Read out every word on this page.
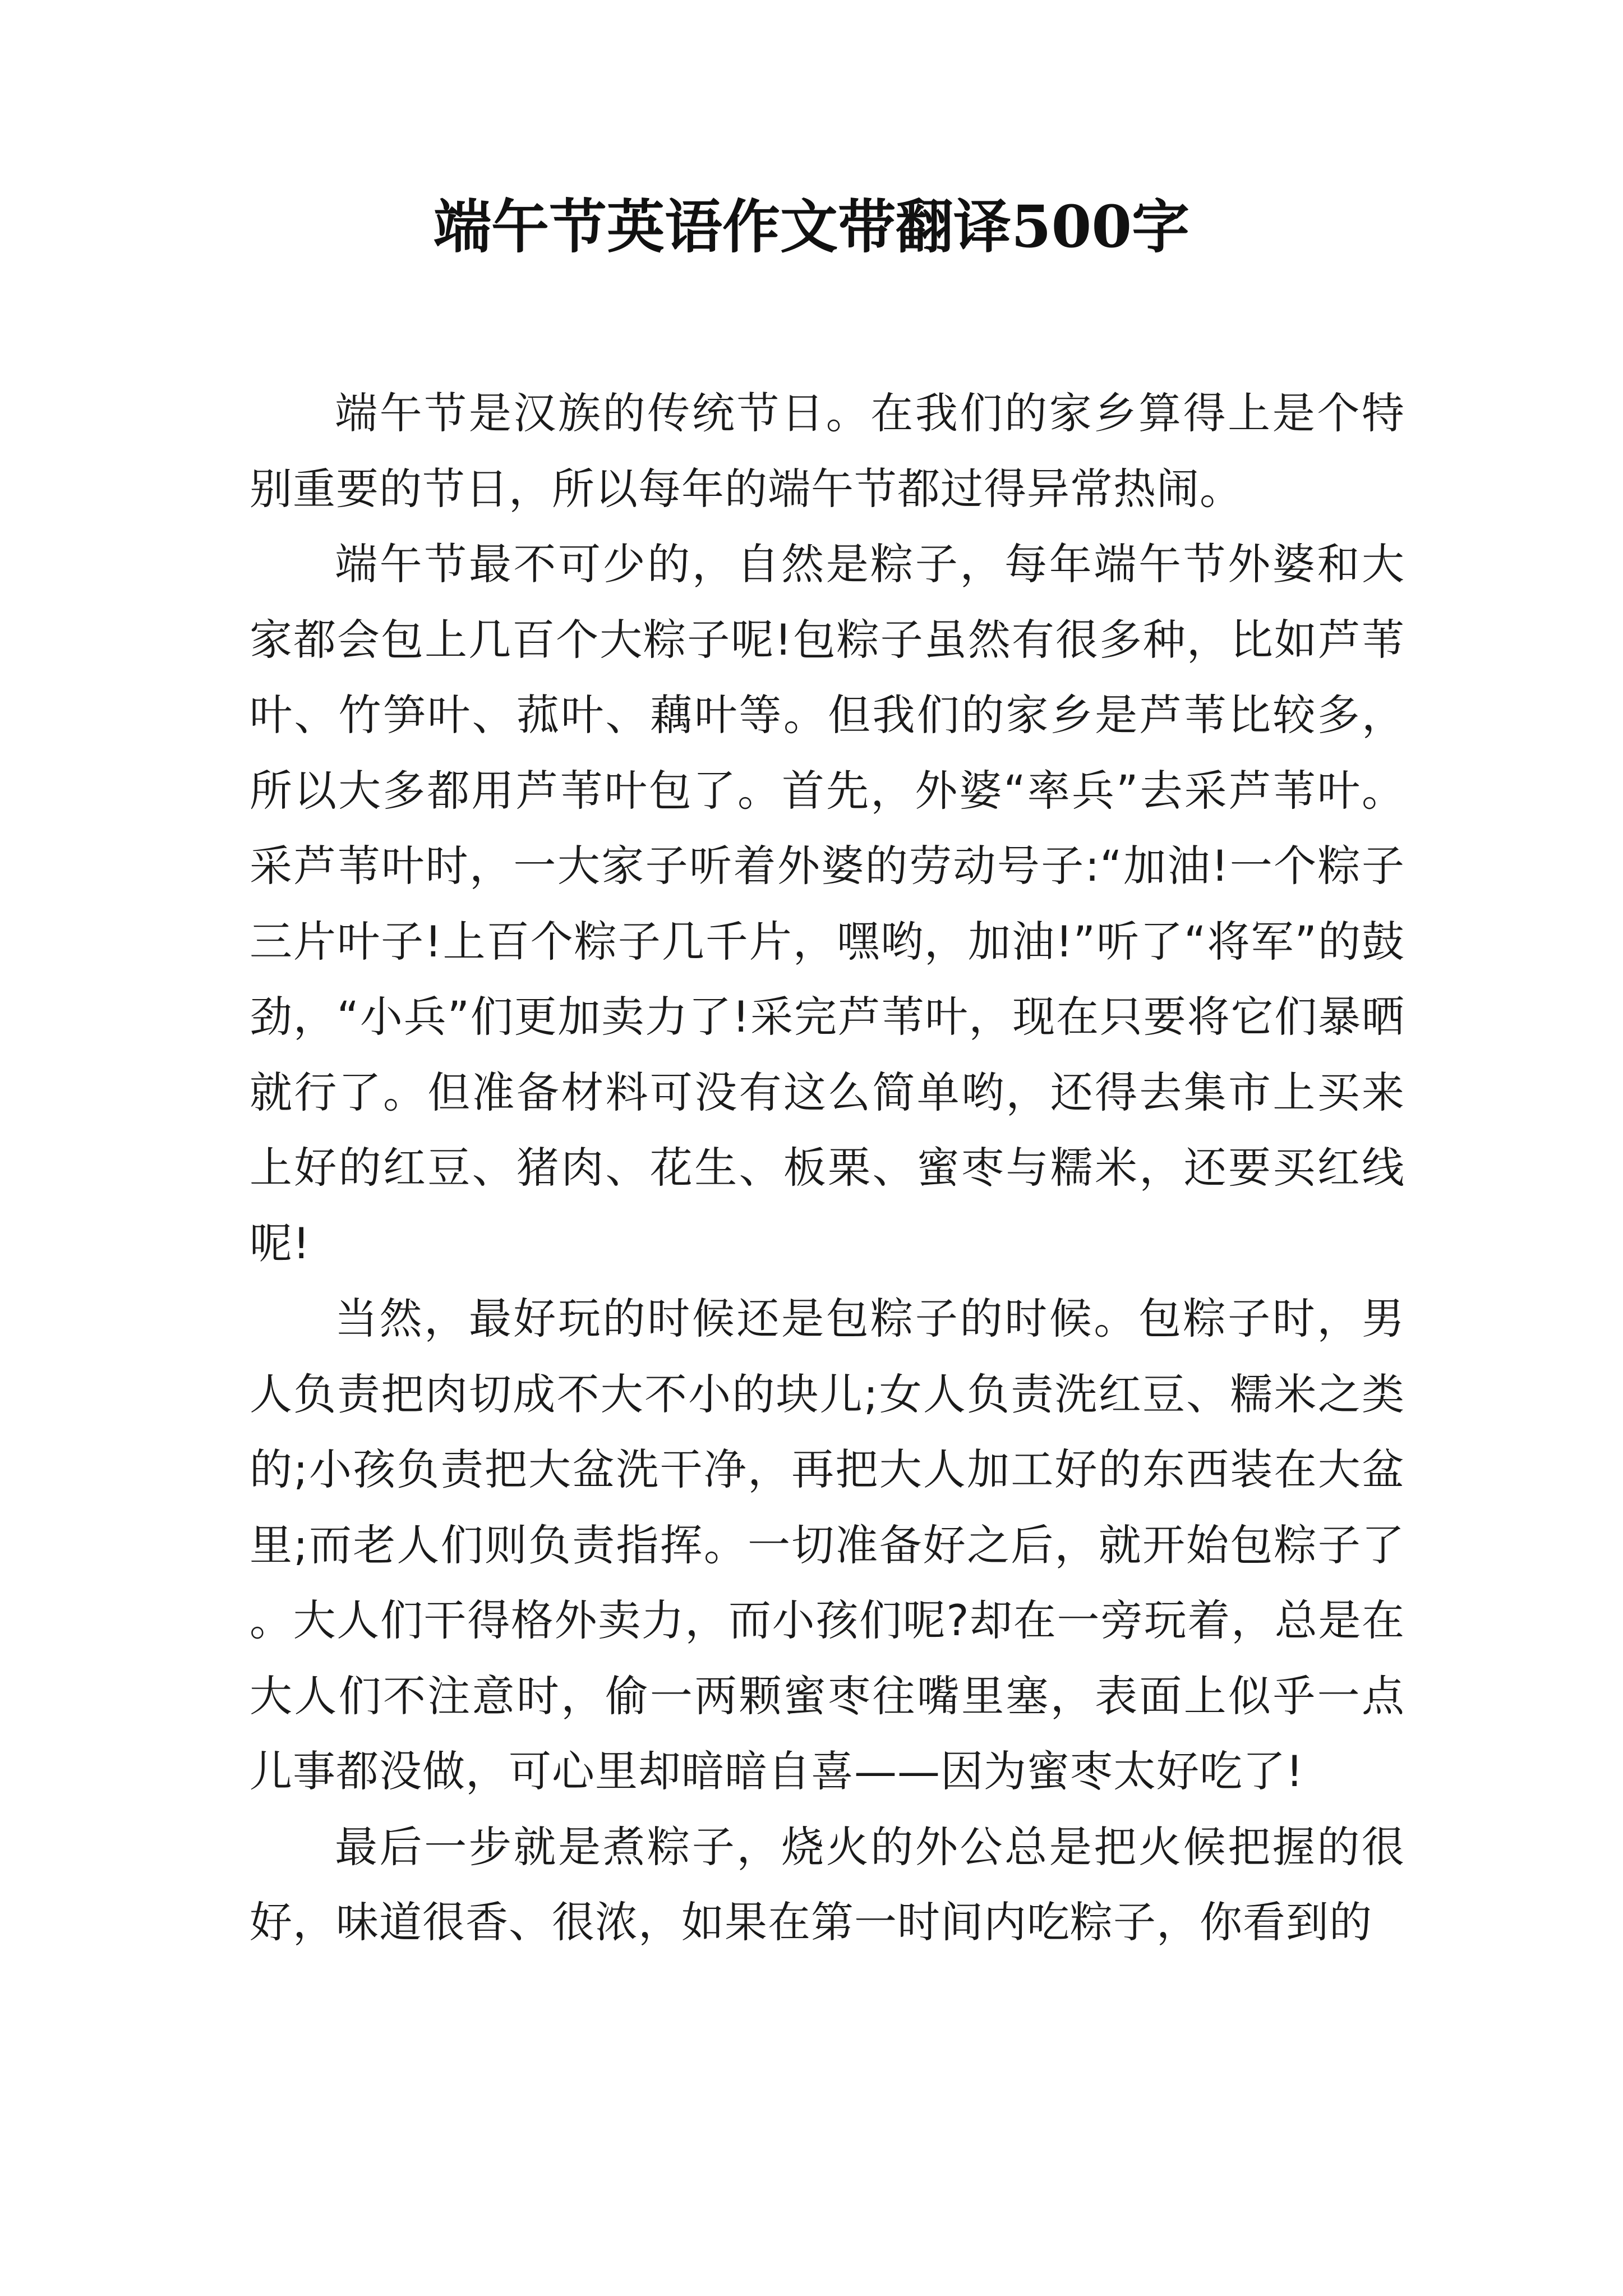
端午节英语作文带翻译500字

端午节是汉族的传统节日。在我们的家乡算得上是个特别重要的节日，所以每年的端午节都过得异常热闹。

端午节最不可少的，自然是粽子，每年端午节外婆和大家都会包上几百个大粽子呢!包粽子虽然有很多种，比如芦苇叶、竹笋叶、菰叶、藕叶等。但我们的家乡是芦苇比较多，所以大多都用芦苇叶包了。首先，外婆“率兵”去采芦苇叶。采芦苇叶时，一大家子听着外婆的劳动号子:“加油!一个粽子三片叶子!上百个粽子几千片，嘿哟，加油!”听了“将军”的鼓劲，“小兵”们更加卖力了!采完芦苇叶，现在只要将它们暴晒就行了。但准备材料可没有这么简单哟，还得去集市上买来上好的红豆、猪肉、花生、板栗、蜜枣与糯米，还要买红线呢!

当然，最好玩的时候还是包粽子的时候。包粽子时，男人负责把肉切成不大不小的块儿;女人负责洗红豆、糯米之类的;小孩负责把大盆洗干净，再把大人加工好的东西装在大盆里;而老人们则负责指挥。一切准备好之后，就开始包粽子了。大人们干得格外卖力，而小孩们呢?却在一旁玩着，总是在大人们不注意时，偷一两颗蜜枣往嘴里塞，表面上似乎一点儿事都没做，可心里却暗暗自喜——因为蜜枣太好吃了!

最后一步就是煮粽子，烧火的外公总是把火候把握的很好，味道很香、很浓，如果在第一时间内吃粽子，你看到的
